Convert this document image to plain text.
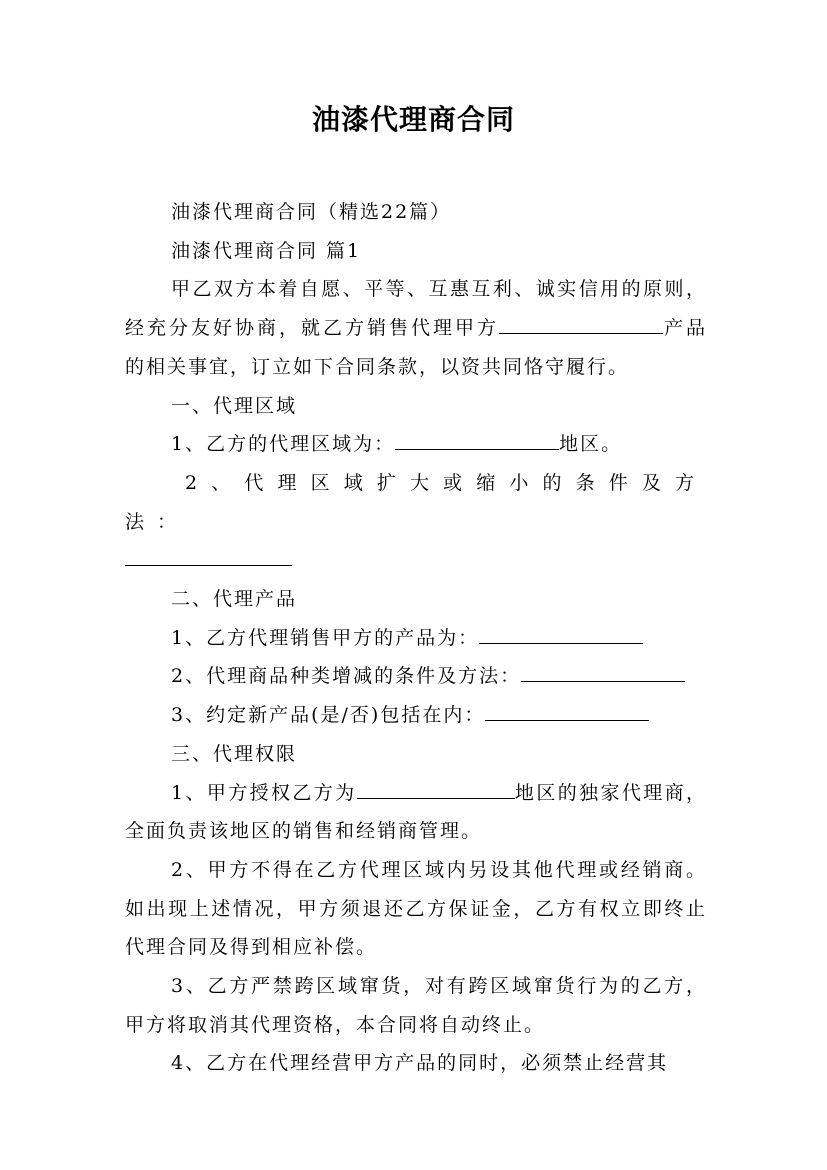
油漆代理商合同

油漆代理商合同（精选22篇）

油漆代理商合同 篇1

甲乙双方本着自愿、平等、互惠互利、诚实信用的原则，经充分友好协商，就乙方销售代理甲方	产品的相关事宜，订立如下合同条款，以资共同恪守履行。

一、代理区域

1、乙方的代理区域为：	地区。

2、代理区域扩大或缩小的条件及方法：

二、代理产品

1、乙方代理销售甲方的产品为：

2、代理商品种类增减的条件及方法：

3、约定新产品(是/否)包括在内：

三、代理权限

1、甲方授权乙方为	地区的独家代理商，全面负责该地区的销售和经销商管理。

2、甲方不得在乙方代理区域内另设其他代理或经销商。如出现上述情况，甲方须退还乙方保证金，乙方有权立即终止代理合同及得到相应补偿。

3、乙方严禁跨区域窜货，对有跨区域窜货行为的乙方，甲方将取消其代理资格，本合同将自动终止。

4、乙方在代理经营甲方产品的同时，必须禁止经营其
